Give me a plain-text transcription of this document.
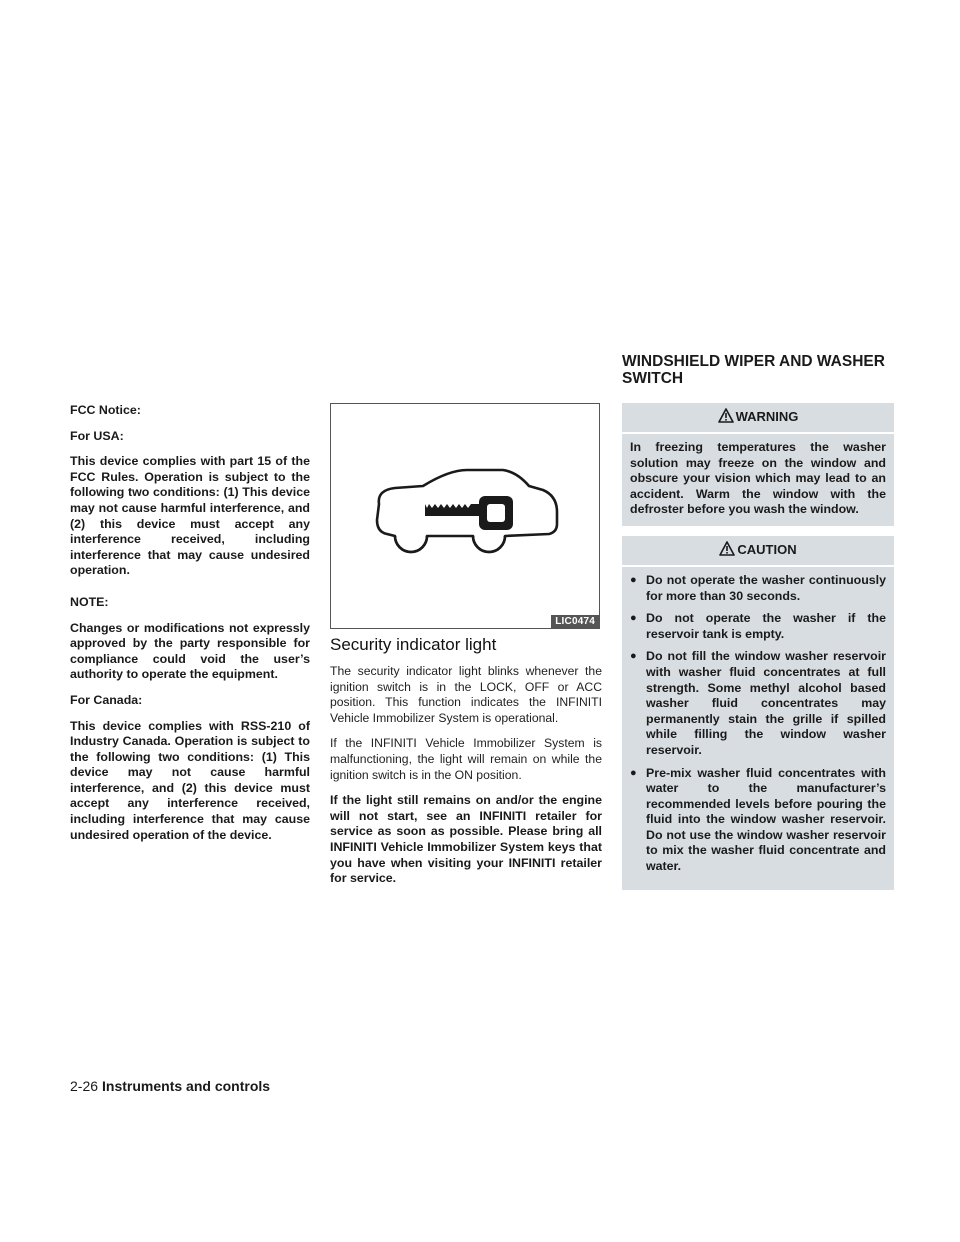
WINDSHIELD WIPER AND WASHER SWITCH

FCC Notice:

For USA:

This device complies with part 15 of the FCC Rules. Operation is subject to the following two conditions: (1) This device may not cause harmful interference, and (2) this device must accept any interference received, including interference that may cause undesired operation.

NOTE:

Changes or modifications not expressly approved by the party responsible for compliance could void the user’s authority to operate the equipment.

For Canada:

This device complies with RSS-210 of Industry Canada. Operation is subject to the following two conditions: (1) This device may not cause harmful interference, and (2) this device must accept any interference received, including interference that may cause undesired operation of the device.

LIC0474
Security indicator light

The security indicator light blinks whenever the ignition switch is in the LOCK, OFF or ACC position. This function indicates the INFINITI Vehicle Immobilizer System is operational.

If the INFINITI Vehicle Immobilizer System is malfunctioning, the light will remain on while the ignition switch is in the ON position.

If the light still remains on and/or the engine will not start, see an INFINITI retailer for service as soon as possible. Please bring all INFINITI Vehicle Immobilizer System keys that you have when visiting your INFINITI retailer for service.

WARNING

In freezing temperatures the washer solution may freeze on the window and obscure your vision which may lead to an accident. Warm the window with the defroster before you wash the window.

CAUTION
● Do not operate the washer continuously for more than 30 seconds.
● Do not operate the washer if the reservoir tank is empty.
● Do not fill the window washer reservoir with washer fluid concentrates at full strength. Some methyl alcohol based washer fluid concentrates may permanently stain the grille if spilled while filling the window washer reservoir.
● Pre-mix washer fluid concentrates with water to the manufacturer’s recommended levels before pouring the fluid into the window washer reservoir. Do not use the window washer reservoir to mix the washer fluid concentrate and water.
2-26 Instruments and controls
